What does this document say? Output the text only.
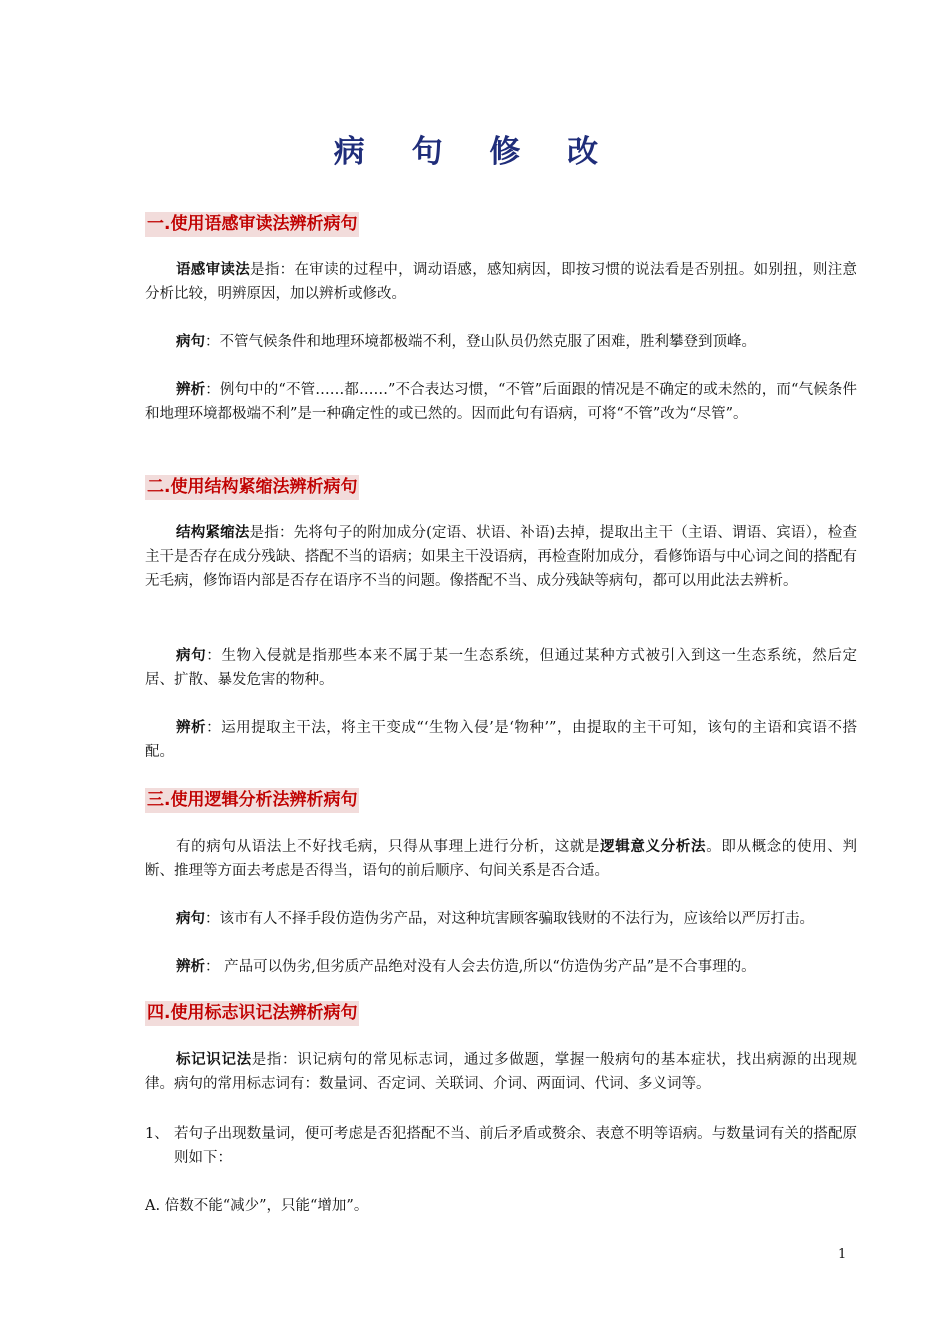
病 句 修 改
一.使用语感审读法辨析病句

语感审读法是指：在审读的过程中，调动语感，感知病因，即按习惯的说法看是否别扭。如别扭，则注意分析比较，明辨原因，加以辨析或修改。

病句：不管气候条件和地理环境都极端不利，登山队员仍然克服了困难，胜利攀登到顶峰。

辨析：例句中的“不管……都……”不合表达习惯，“不管”后面跟的情况是不确定的或未然的，而“气候条件和地理环境都极端不利”是一种确定性的或已然的。因而此句有语病，可将“不管”改为“尽管”。

二.使用结构紧缩法辨析病句

结构紧缩法是指：先将句子的附加成分(定语、状语、补语)去掉，提取出主干（主语、谓语、宾语），检查主干是否存在成分残缺、搭配不当的语病；如果主干没语病，再检查附加成分，看修饰语与中心词之间的搭配有无毛病，修饰语内部是否存在语序不当的问题。像搭配不当、成分残缺等病句，都可以用此法去辨析。

病句：生物入侵就是指那些本来不属于某一生态系统，但通过某种方式被引入到这一生态系统，然后定居、扩散、暴发危害的物种。

辨析：运用提取主干法，将主干变成“‘生物入侵’是‘物种’”，由提取的主干可知，该句的主语和宾语不搭配。

三.使用逻辑分析法辨析病句

有的病句从语法上不好找毛病，只得从事理上进行分析，这就是逻辑意义分析法。即从概念的使用、判断、推理等方面去考虑是否得当，语句的前后顺序、句间关系是否合适。

病句：该市有人不择手段仿造伪劣产品，对这种坑害顾客骗取钱财的不法行为，应该给以严厉打击。

辨析： 产品可以伪劣,但劣质产品绝对没有人会去仿造,所以“仿造伪劣产品”是不合事理的。

四.使用标志识记法辨析病句

标记识记法是指：识记病句的常见标志词，通过多做题，掌握一般病句的基本症状，找出病源的出现规律。病句的常用标志词有：数量词、否定词、关联词、介词、两面词、代词、多义词等。

1、 若句子出现数量词，便可考虑是否犯搭配不当、前后矛盾或赘余、表意不明等语病。与数量词有关的搭配原则如下：
A. 倍数不能“减少”，只能“增加”。
1
